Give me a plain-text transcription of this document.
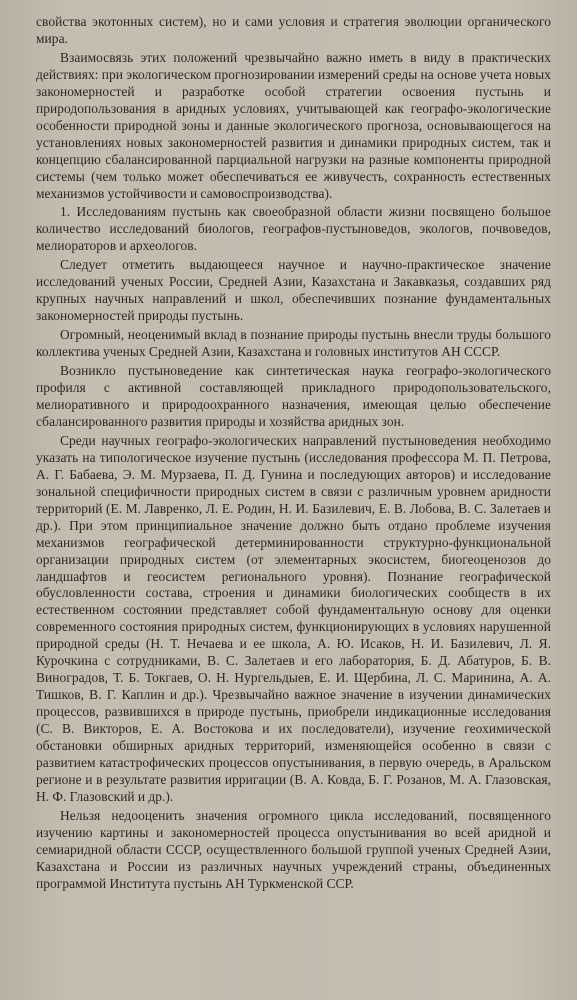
свойства экотонных систем), но и сами условия и стратегия эволюции органического мира.

Взаимосвязь этих положений чрезвычайно важно иметь в виду в практических действиях: при экологическом прогнозировании измерений среды на основе учета новых закономерностей и разработке особой стратегии освоения пустынь и природопользования в аридных условиях, учитывающей как географо-экологические особенности природной зоны и данные экологического прогноза, основывающегося на установлениях новых закономерностей развития и динамики природных систем, так и концепцию сбалансированной парциальной нагрузки на разные компоненты природной системы (чем только может обеспечиваться ее живучесть, сохранность естественных механизмов устойчивости и самовоспроизводства).

1. Исследованиям пустынь как своеобразной области жизни посвящено большое количество исследований биологов, географов-пустыноведов, экологов, почвоведов, мелиораторов и археологов.

Следует отметить выдающееся научное и научно-практическое значение исследований ученых России, Средней Азии, Казахстана и Закавказья, создавших ряд крупных научных направлений и школ, обеспечивших познание фундаментальных закономерностей природы пустынь.

Огромный, неоценимый вклад в познание природы пустынь внесли труды большого коллектива ученых Средней Азии, Казахстана и головных институтов АН СССР.

Возникло пустыноведение как синтетическая наука географо-экологического профиля с активной составляющей прикладного природопользовательского, мелиоративного и природоохранного назначения, имеющая целью обеспечение сбалансированного развития природы и хозяйства аридных зон.

Среди научных географо-экологических направлений пустыноведения необходимо указать на типологическое изучение пустынь (исследования профессора М. П. Петрова, А. Г. Бабаева, Э. М. Мурзаева, П. Д. Гунина и последующих авторов) и исследование зональной специфичности природных систем в связи с различным уровнем аридности территорий (Е. М. Лавренко, Л. Е. Родин, Н. И. Базилевич, Е. В. Лобова, В. С. Залетаев и др.). При этом принципиальное значение должно быть отдано проблеме изучения механизмов географической детерминированности структурно-функциональной организации природных систем (от элементарных экосистем, биогеоценозов до ландшафтов и геосистем регионального уровня). Познание географической обусловленности состава, строения и динамики биологических сообществ в их естественном состоянии представляет собой фундаментальную основу для оценки современного состояния природных систем, функционирующих в условиях нарушенной природной среды (Н. Т. Нечаева и ее школа, А. Ю. Исаков, Н. И. Базилевич, Л. Я. Курочкина с сотрудниками, В. С. Залетаев и его лаборатория, Б. Д. Абатуров, Б. В. Виноградов, Т. Б. Токгаев, О. Н. Нургельдыев, Е. И. Щербина, Л. С. Маринина, А. А. Тишков, В. Г. Каплин и др.). Чрезвычайно важное значение в изучении динамических процессов, развившихся в природе пустынь, приобрели индикационные исследования (С. В. Викторов, Е. А. Востокова и их последователи), изучение геохимической обстановки обширных аридных территорий, изменяющейся особенно в связи с развитием катастрофических процессов опустынивания, в первую очередь, в Аральском регионе и в результате развития ирригации (В. А. Ковда, Б. Г. Розанов, М. А. Глазовская, Н. Ф. Глазовский и др.).

Нельзя недооценить значения огромного цикла исследований, посвященного изучению картины и закономерностей процесса опустынивания во всей аридной и семиаридной области СССР, осуществленного большой группой ученых Средней Азии, Казахстана и России из различных научных учреждений страны, объединенных программой Института пустынь АН Туркменской ССР.
